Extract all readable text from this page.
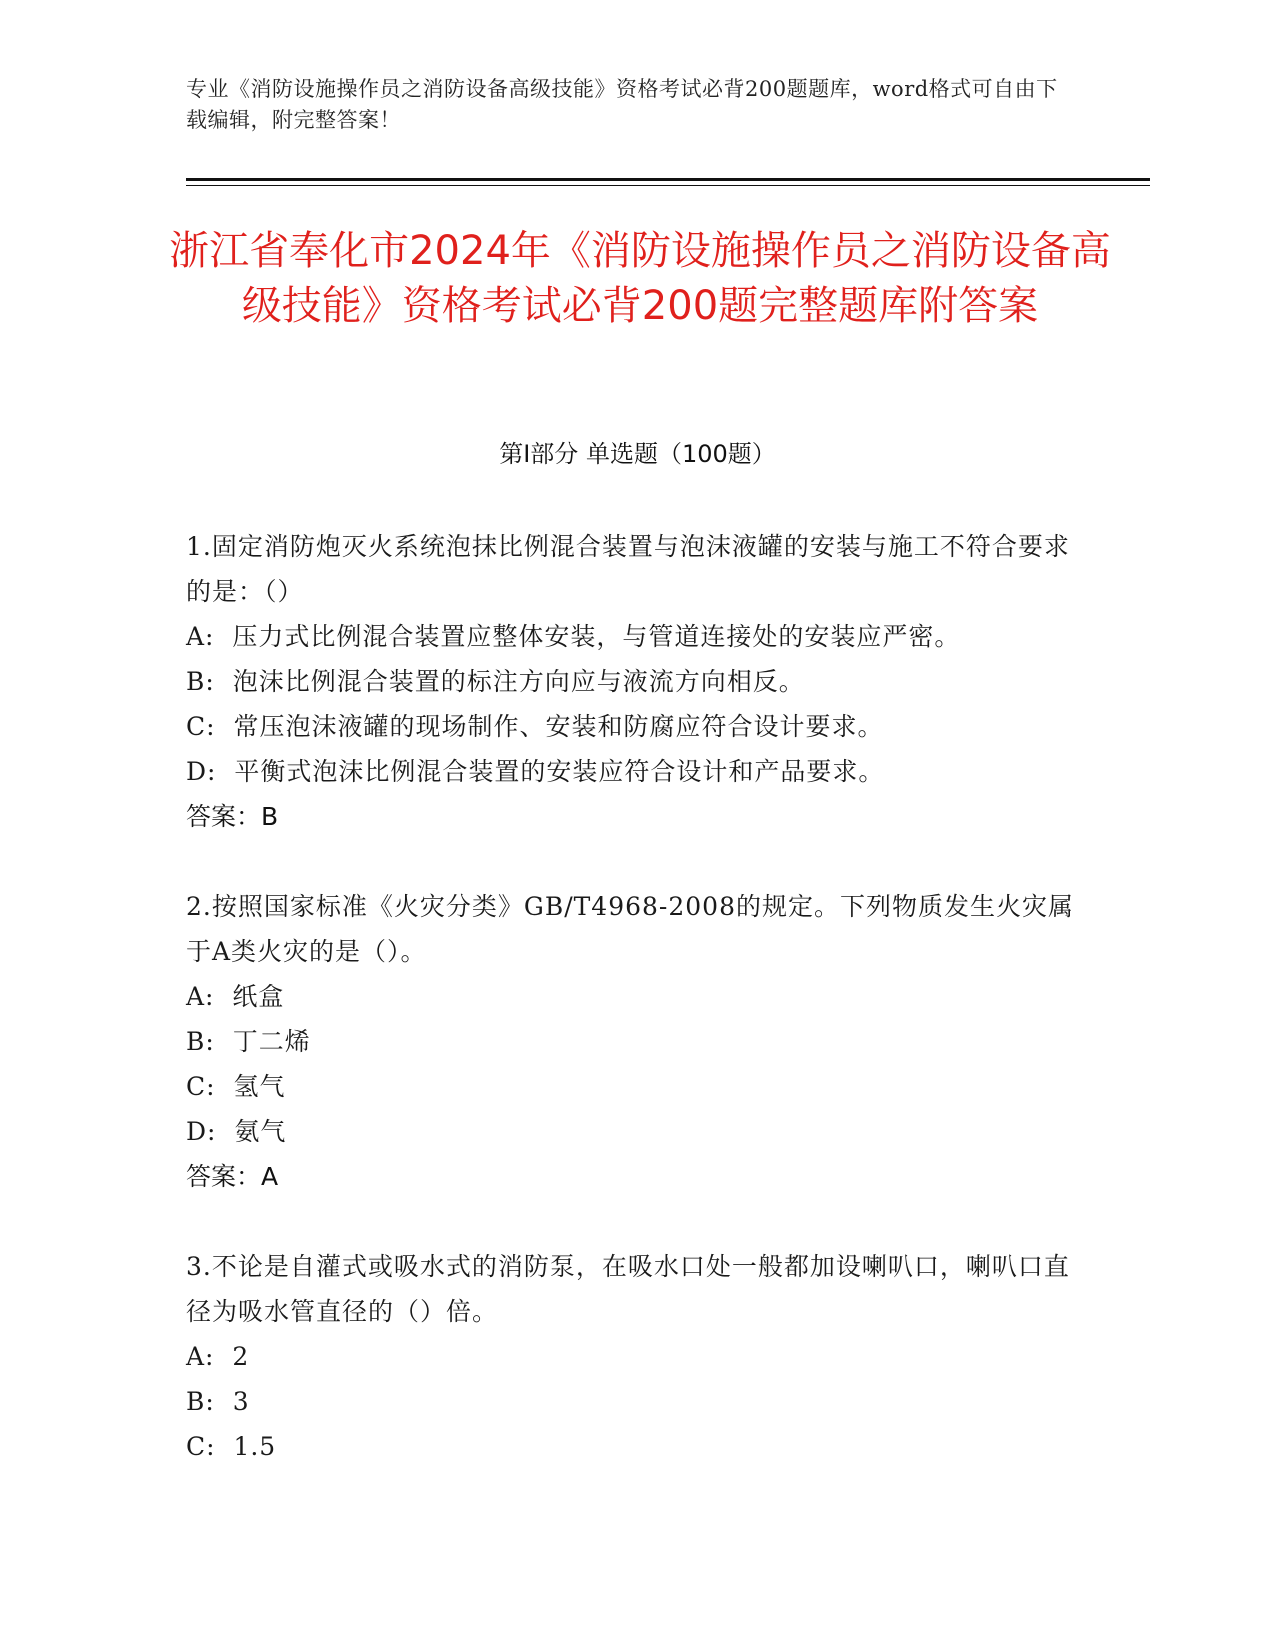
专业《消防设施操作员之消防设备高级技能》资格考试必背200题题库，word格式可自由下载编辑，附完整答案！
浙江省奉化市2024年《消防设施操作员之消防设备高级技能》资格考试必背200题完整题库附答案
第Ⅰ部分 单选题（100题）
1.固定消防炮灭火系统泡抹比例混合装置与泡沫液罐的安装与施工不符合要求的是：（）
A:  压力式比例混合装置应整体安装，与管道连接处的安装应严密。
B:  泡沫比例混合装置的标注方向应与液流方向相反。
C:  常压泡沫液罐的现场制作、安装和防腐应符合设计要求。
D:  平衡式泡沫比例混合装置的安装应符合设计和产品要求。
答案：B
2.按照国家标准《火灾分类》GB/T4968-2008的规定。下列物质发生火灾属于A类火灾的是（）。
A:  纸盒
B:  丁二烯
C:  氢气
D:  氨气
答案：A
3.不论是自灌式或吸水式的消防泵，在吸水口处一般都加设喇叭口，喇叭口直径为吸水管直径的（）倍。
A:  2
B:  3
C:  1.5
